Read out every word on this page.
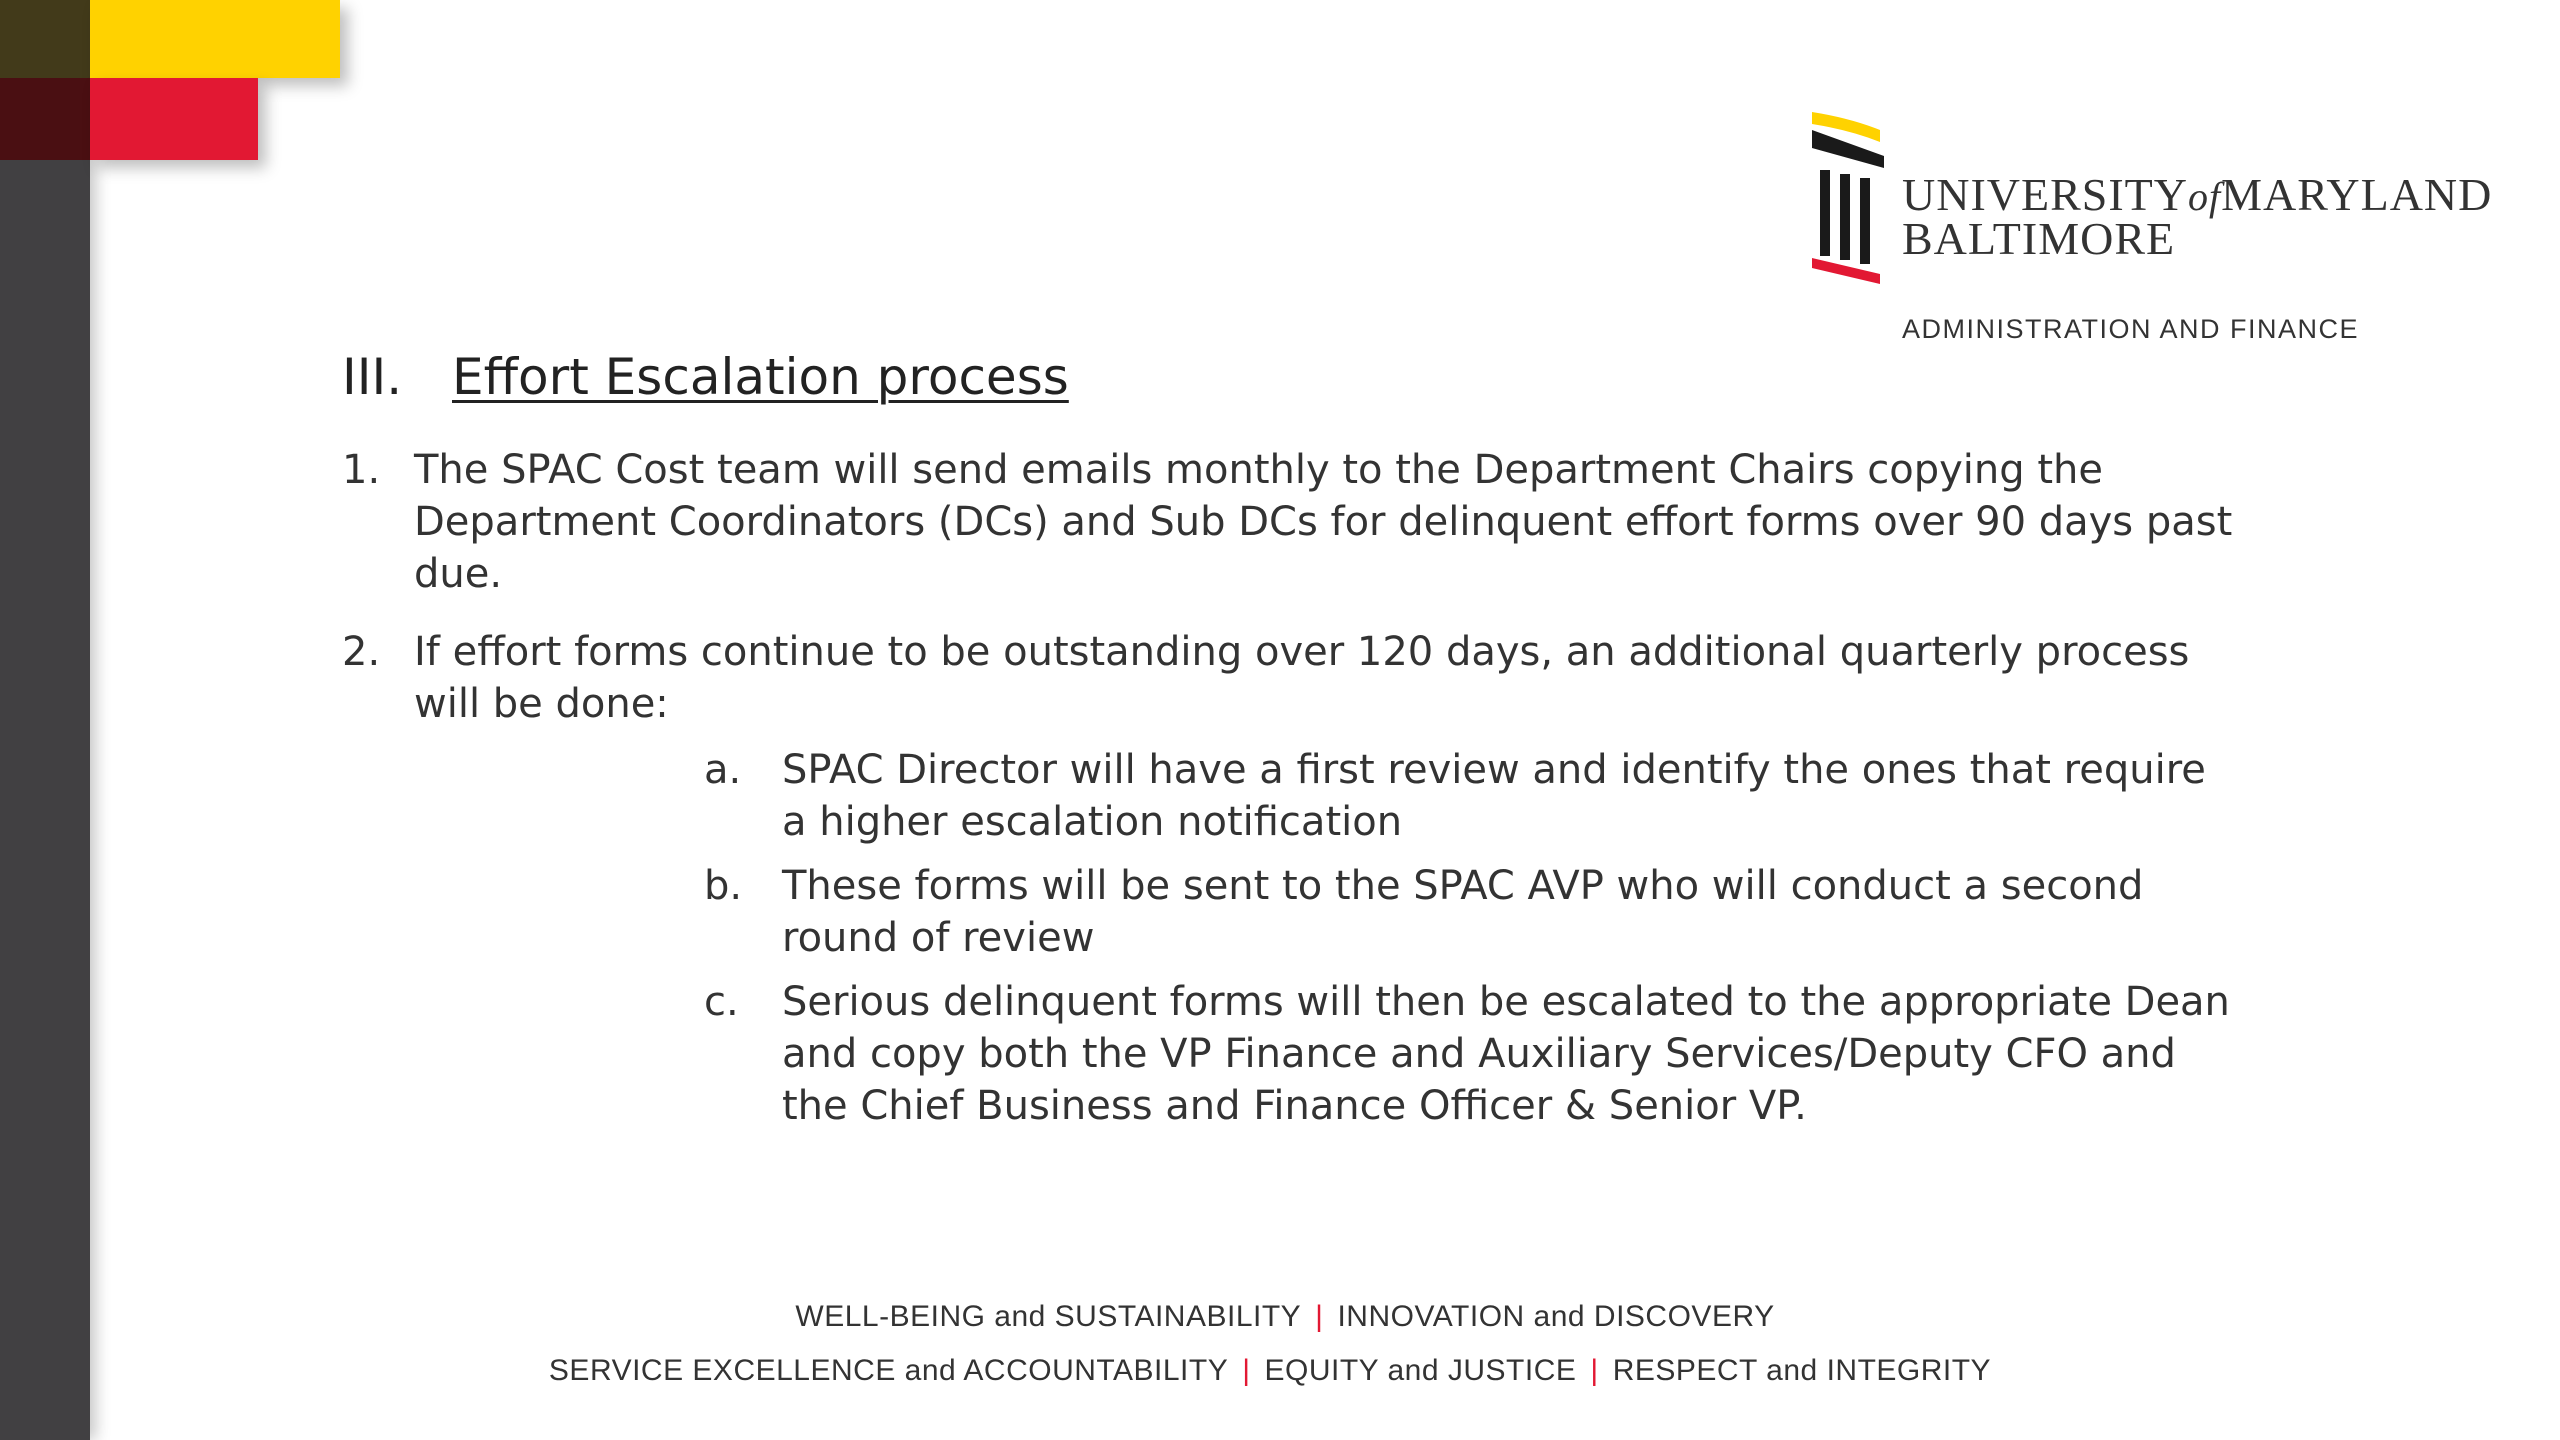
UNIVERSITYofMARYLAND
BALTIMORE
ADMINISTRATION AND FINANCE
III. Effort Escalation process
1. The SPAC Cost team will send emails monthly to the Department Chairs copying the Department Coordinators (DCs) and Sub DCs for delinquent effort forms over 90 days past due.
2. If effort forms continue to be outstanding over 120 days, an additional quarterly process will be done:
a. SPAC Director will have a first review and identify the ones that require a higher escalation notification
b. These forms will be sent to the SPAC AVP who will conduct a second round of review
c. Serious delinquent forms will then be escalated to the appropriate Dean and copy both the VP Finance and Auxiliary Services/Deputy CFO and the Chief Business and Finance Officer & Senior VP.
WELL-BEING and SUSTAINABILITY | INNOVATION and DISCOVERY
SERVICE EXCELLENCE and ACCOUNTABILITY | EQUITY and JUSTICE | RESPECT and INTEGRITY
